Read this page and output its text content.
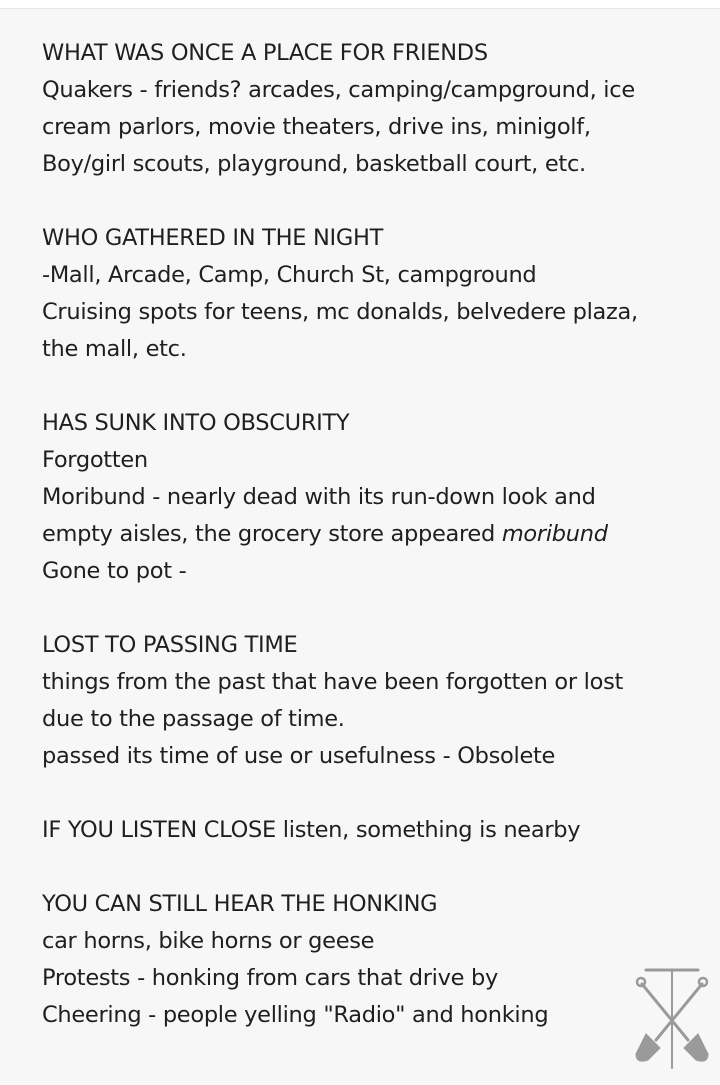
WHAT WAS ONCE A PLACE FOR FRIENDS
Quakers - friends? arcades, camping/campground, ice
cream parlors, movie theaters, drive ins, minigolf,
Boy/girl scouts, playground, basketball court, etc.
WHO GATHERED IN THE NIGHT
-Mall, Arcade, Camp, Church St, campground
Cruising spots for teens, mc donalds, belvedere plaza,
the mall, etc.
HAS SUNK INTO OBSCURITY
Forgotten
Moribund - nearly dead with its run-down look and
empty aisles, the grocery store appeared moribund
Gone to pot -
LOST TO PASSING TIME
things from the past that have been forgotten or lost
due to the passage of time.
passed its time of use or usefulness - Obsolete
IF YOU LISTEN CLOSE listen, something is nearby
YOU CAN STILL HEAR THE HONKING
car horns, bike horns or geese
Protests - honking from cars that drive by
Cheering - people yelling "Radio" and honking
